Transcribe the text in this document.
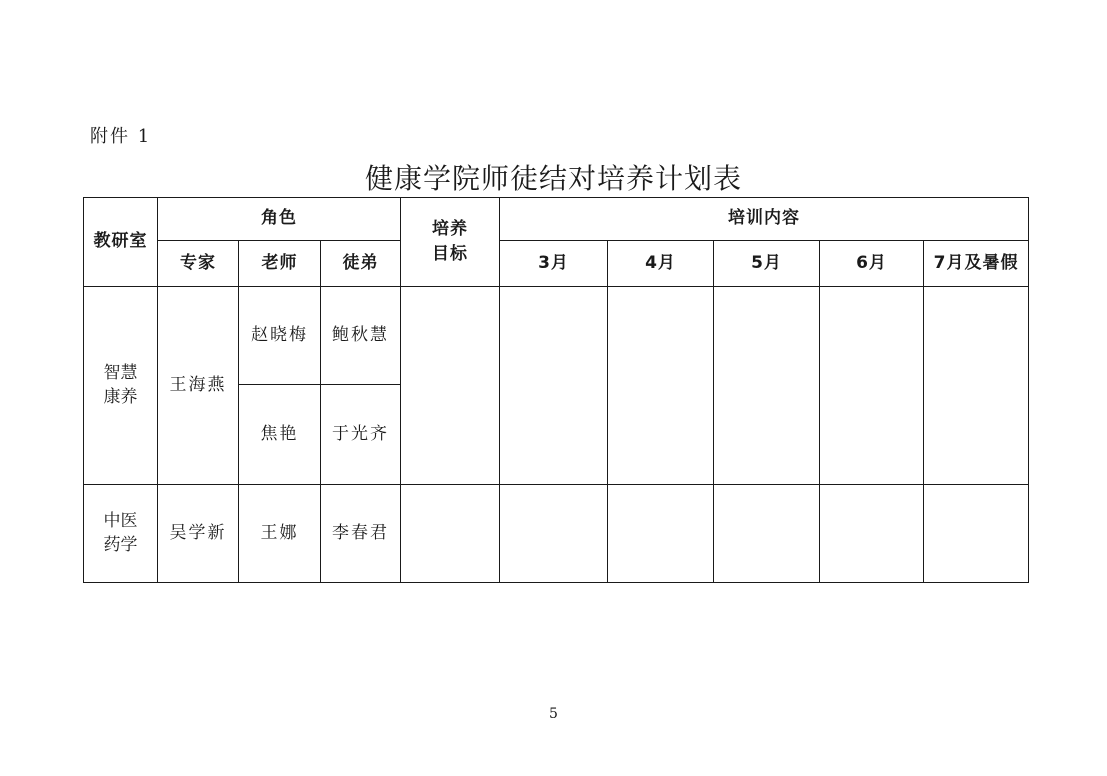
附件 1
健康学院师徒结对培养计划表
教研室	角色			培养目标	培训内容				
	专家	老师	徒弟		3月	4月	5月	6月	7月及暑假
智慧康养	王海燕	赵晓梅	鲍秋慧						
		焦艳	于光齐						
中医药学	吴学新	王娜	李春君						
5
